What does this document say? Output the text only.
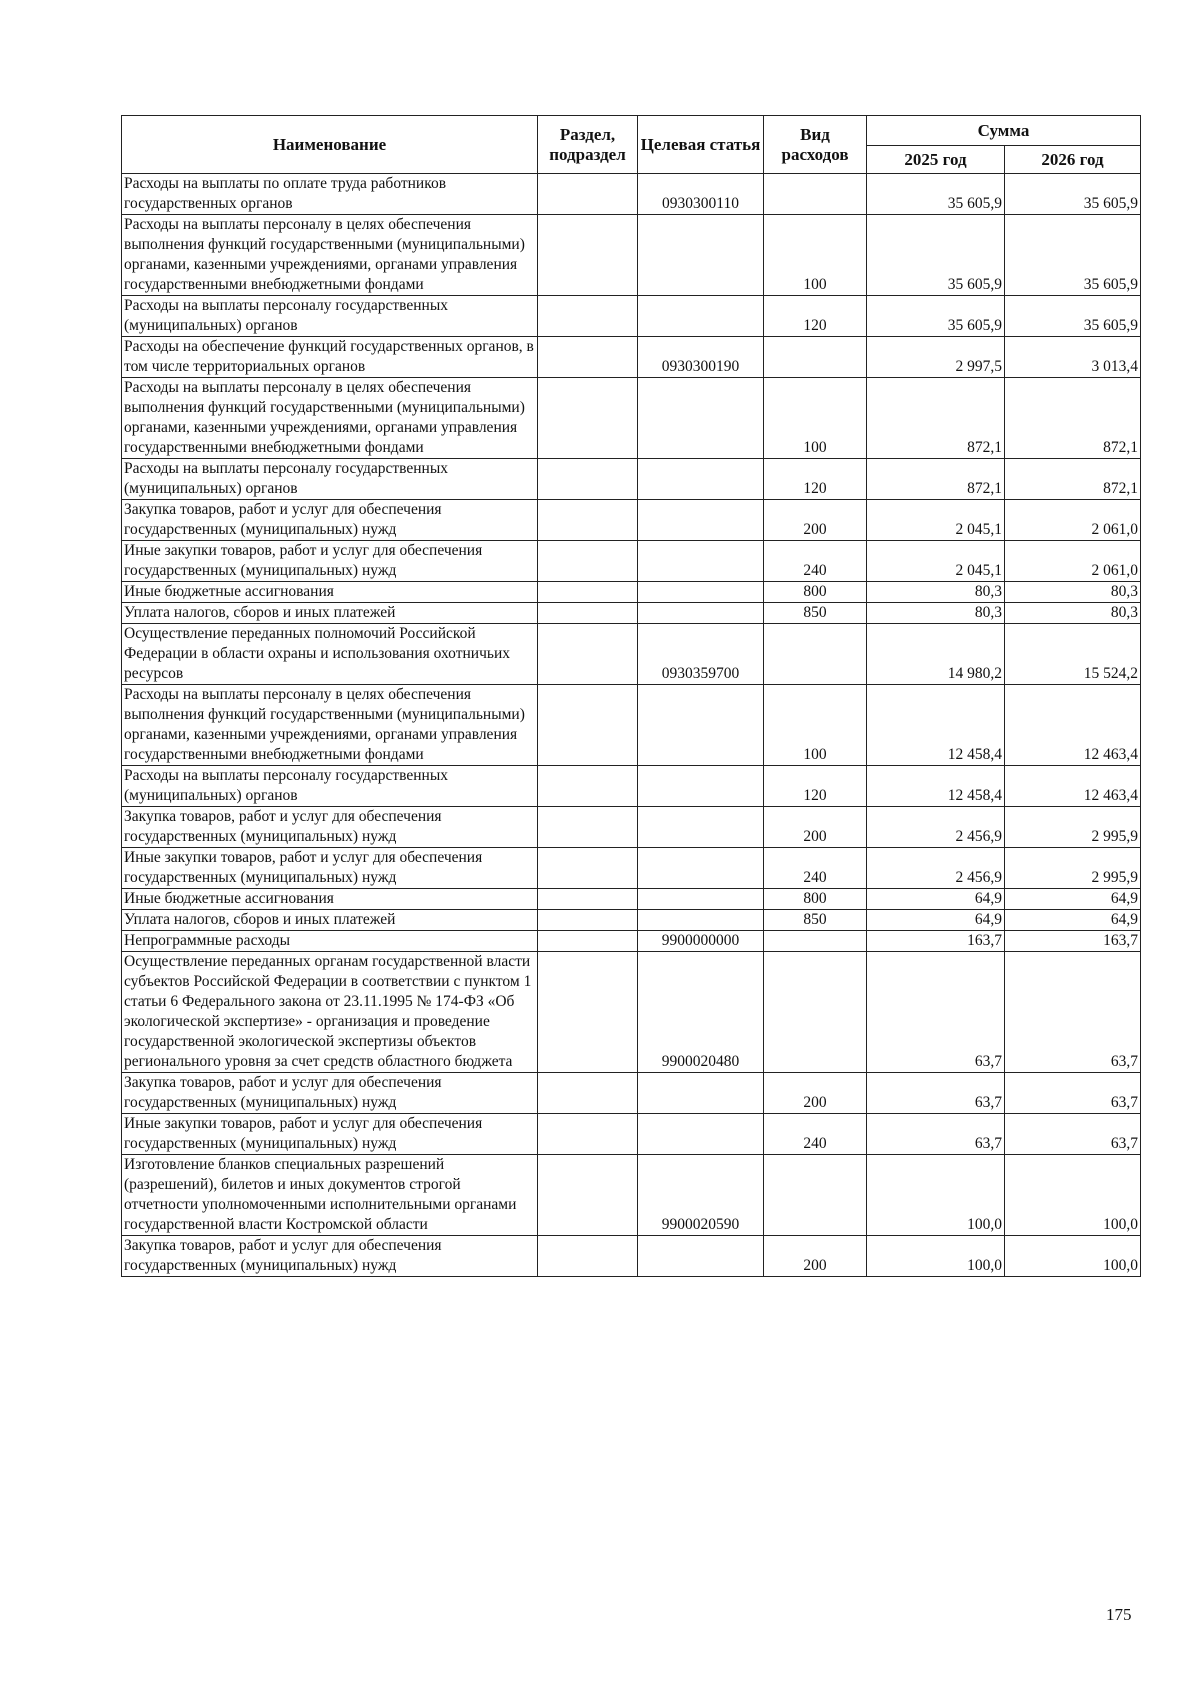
Наименование	Раздел, подраздел	Целевая статья	Вид расходов	Сумма	
				2025 год	2026 год
Расходы на выплаты по оплате труда работников государственных органов		0930300110		35 605,9	35 605,9
Расходы на выплаты персоналу в целях обеспечения выполнения функций государственными (муниципальными) органами, казенными учреждениями, органами управления государственными внебюджетными фондами			100	35 605,9	35 605,9
Расходы на выплаты персоналу государственных (муниципальных) органов			120	35 605,9	35 605,9
Расходы на обеспечение функций государственных органов, в том числе территориальных органов		0930300190		2 997,5	3 013,4
Расходы на выплаты персоналу в целях обеспечения выполнения функций государственными (муниципальными) органами, казенными учреждениями, органами управления государственными внебюджетными фондами			100	872,1	872,1
Расходы на выплаты персоналу государственных (муниципальных) органов			120	872,1	872,1
Закупка товаров, работ и услуг для обеспечения государственных (муниципальных) нужд			200	2 045,1	2 061,0
Иные закупки товаров, работ и услуг для обеспечения государственных (муниципальных) нужд			240	2 045,1	2 061,0
Иные бюджетные ассигнования			800	80,3	80,3
Уплата налогов, сборов и иных платежей			850	80,3	80,3
Осуществление переданных полномочий Российской Федерации в области охраны и использования охотничьих ресурсов		0930359700		14 980,2	15 524,2
Расходы на выплаты персоналу в целях обеспечения выполнения функций государственными (муниципальными) органами, казенными учреждениями, органами управления государственными внебюджетными фондами			100	12 458,4	12 463,4
Расходы на выплаты персоналу государственных (муниципальных) органов			120	12 458,4	12 463,4
Закупка товаров, работ и услуг для обеспечения государственных (муниципальных) нужд			200	2 456,9	2 995,9
Иные закупки товаров, работ и услуг для обеспечения государственных (муниципальных) нужд			240	2 456,9	2 995,9
Иные бюджетные ассигнования			800	64,9	64,9
Уплата налогов, сборов и иных платежей			850	64,9	64,9
Непрограммные расходы		9900000000		163,7	163,7
Осуществление переданных органам государственной власти субъектов Российской Федерации в соответствии с пунктом 1 статьи 6 Федерального закона от 23.11.1995 № 174-ФЗ «Об экологической экспертизе» - организация и проведение государственной экологической экспертизы объектов регионального уровня за счет средств областного бюджета		9900020480		63,7	63,7
Закупка товаров, работ и услуг для обеспечения государственных (муниципальных) нужд			200	63,7	63,7
Иные закупки товаров, работ и услуг для обеспечения государственных (муниципальных) нужд			240	63,7	63,7
Изготовление бланков специальных разрешений (разрешений), билетов и иных документов строгой отчетности уполномоченными исполнительными органами государственной власти Костромской области		9900020590		100,0	100,0
Закупка товаров, работ и услуг для обеспечения государственных (муниципальных) нужд			200	100,0	100,0
175
